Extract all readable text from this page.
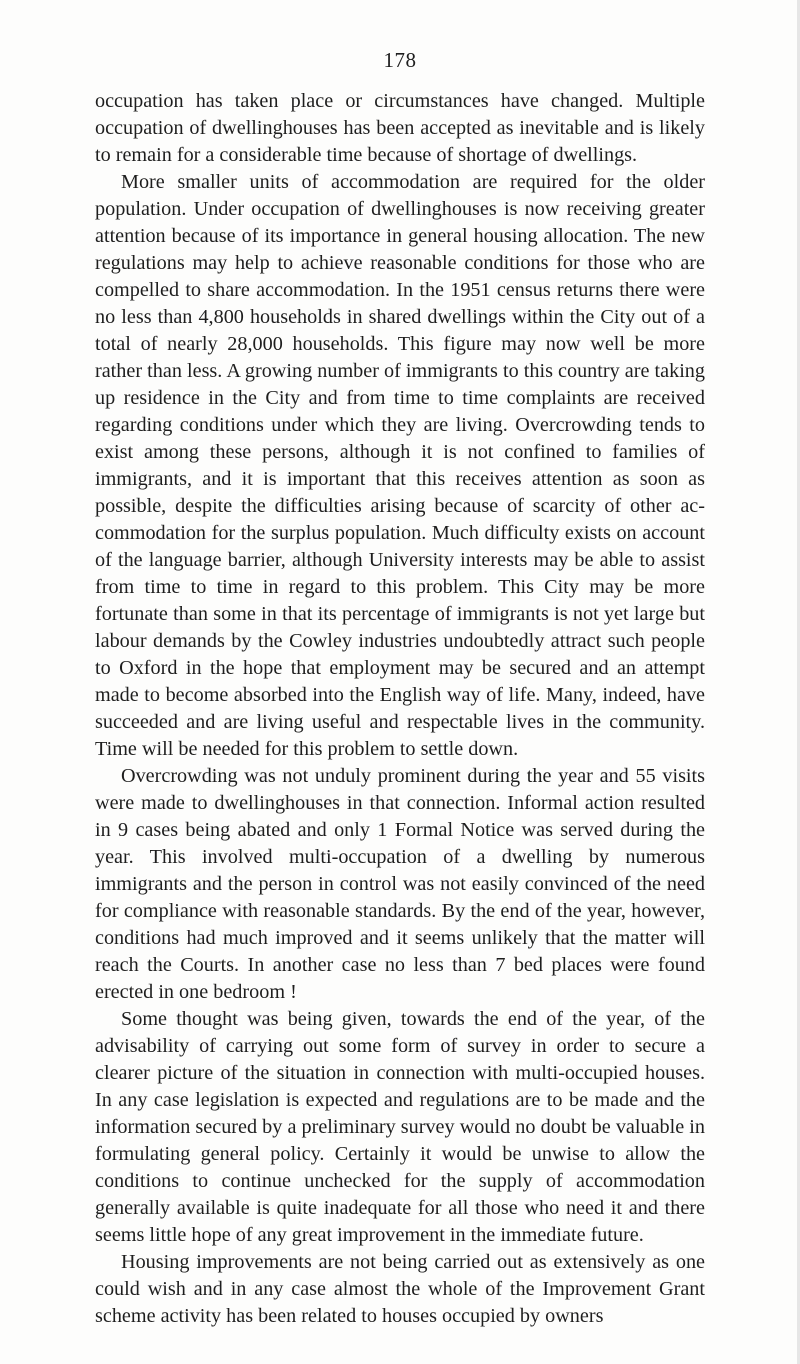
178

occupation has taken place or circumstances have changed. Multiple occupation of dwellinghouses has been accepted as inevitable and is likely to remain for a considerable time because of shortage of dwellings.

More smaller units of accommodation are required for the older population. Under occupation of dwellinghouses is now receiving greater attention because of its importance in general housing allocation. The new regulations may help to achieve reasonable conditions for those who are compelled to share accommodation. In the 1951 census returns there were no less than 4,800 households in shared dwellings within the City out of a total of nearly 28,000 households. This figure may now well be more rather than less. A growing number of immigrants to this country are taking up residence in the City and from time to time complaints are received regarding conditions under which they are living. Overcrowding tends to exist among these persons, although it is not confined to families of immigrants, and it is important that this receives attention as soon as possible, despite the difficulties arising because of scarcity of other accommodation for the surplus population. Much difficulty exists on account of the language barrier, although University interests may be able to assist from time to time in regard to this problem. This City may be more fortunate than some in that its percentage of immigrants is not yet large but labour demands by the Cowley industries undoubtedly attract such people to Oxford in the hope that employment may be secured and an attempt made to become absorbed into the English way of life. Many, indeed, have succeeded and are living useful and respectable lives in the community. Time will be needed for this problem to settle down.

Overcrowding was not unduly prominent during the year and 55 visits were made to dwellinghouses in that connection. Informal action resulted in 9 cases being abated and only 1 Formal Notice was served during the year. This involved multi-occupation of a dwelling by numerous immigrants and the person in control was not easily convinced of the need for compliance with reasonable standards. By the end of the year, however, conditions had much improved and it seems unlikely that the matter will reach the Courts. In another case no less than 7 bed places were found erected in one bedroom !

Some thought was being given, towards the end of the year, of the advisability of carrying out some form of survey in order to secure a clearer picture of the situation in connection with multi-occupied houses. In any case legislation is expected and regulations are to be made and the information secured by a preliminary survey would no doubt be valuable in formulating general policy. Certainly it would be unwise to allow the conditions to continue unchecked for the supply of accommodation generally available is quite inadequate for all those who need it and there seems little hope of any great improvement in the immediate future.

Housing improvements are not being carried out as extensively as one could wish and in any case almost the whole of the Improvement Grant scheme activity has been related to houses occupied by owners
